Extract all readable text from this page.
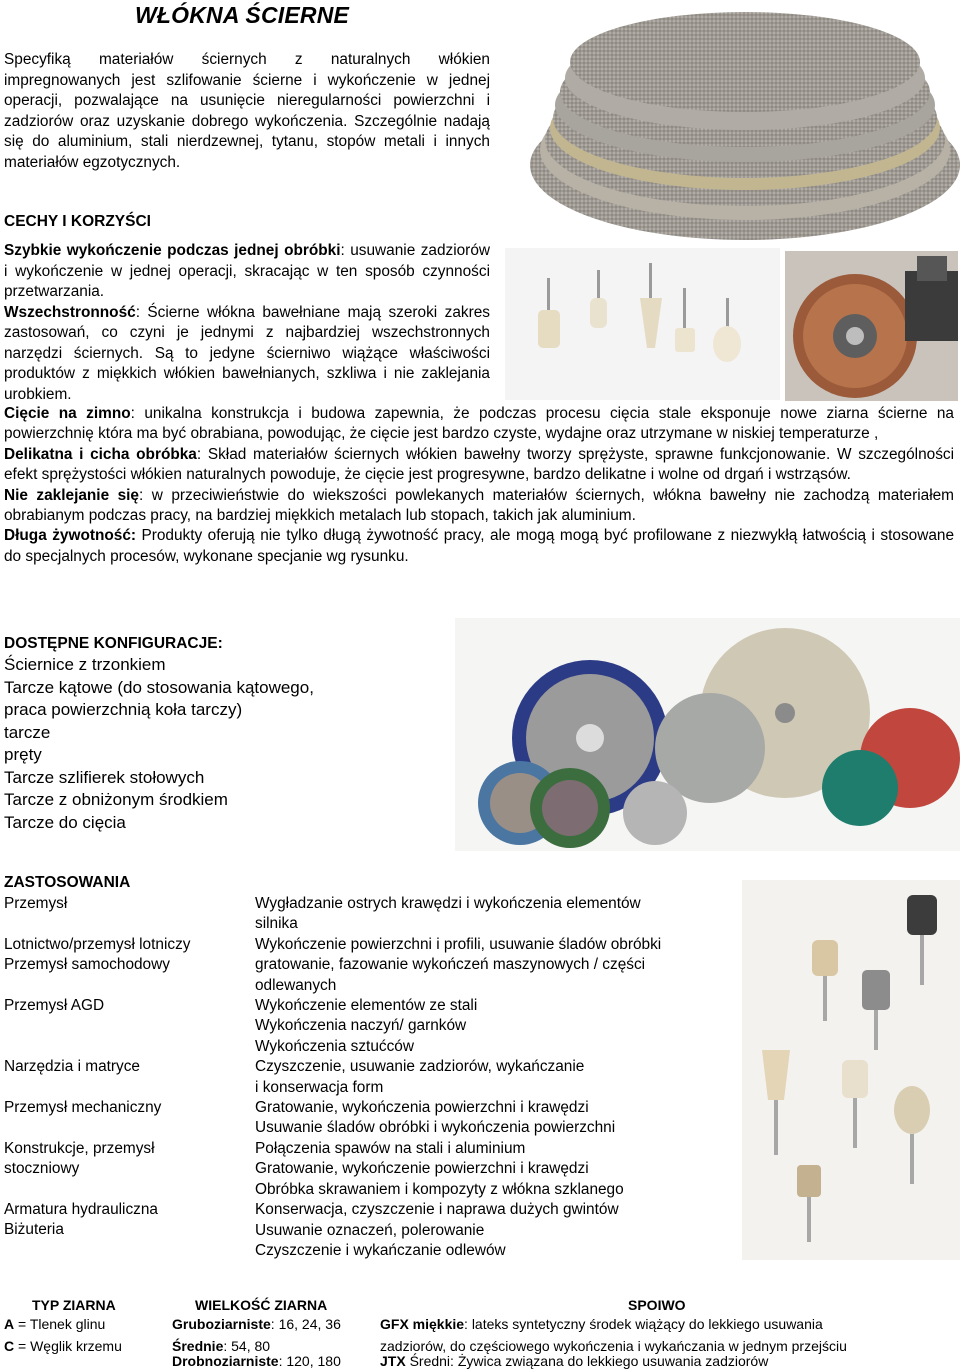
WŁÓKNA ŚCIERNE
Specyfiką materiałów ściernych z naturalnych włókien impregnowanych jest szlifowanie ścierne i wykończenie w jednej operacji, pozwalające na usunięcie nieregularności powierzchni i zadziorów oraz uzyskanie dobrego wykończenia. Szczególnie nadają się do aluminium, stali nierdzewnej, tytanu, stopów metali i innych materiałów egzotycznych.
CECHY I KORZYŚCI

Szybkie wykończenie podczas jednej obróbki: usuwanie zadziorów i wykończenie w jednej operacji, skracając w ten sposób czynności przetwarzania.

Wszechstronność: Ścierne włókna bawełniane mają szeroki zakres zastosowań, co czyni je jednymi z najbardziej wszechstronnych narzędzi ściernych. Są to jedyne ścierniwo wiążące właściwości produktów z miękkich włókien bawełnianych, szkliwa i nie zaklejania urobkiem.

Cięcie na zimno: unikalna konstrukcja i budowa zapewnia, że podczas procesu cięcia stale eksponuje nowe ziarna ścierne na powierzchnię która ma być obrabiana, powodując, że cięcie jest bardzo czyste, wydajne oraz utrzymane w niskiej temperaturze ,

Delikatna i cicha obróbka: Skład materiałów ściernych włókien bawełny tworzy sprężyste, sprawne funkcjonowanie. W szczególności efekt sprężystości włókien naturalnych powoduje, że cięcie jest progresywne, bardzo delikatne i wolne od drgań i wstrząsów.

Nie zaklejanie się: w przeciwieństwie do wiekszości powlekanych materiałów ściernych, włókna bawełny nie zachodzą materiałem obrabianym podczas pracy, na bardziej miękkich metalach lub stopach, takich jak aluminium.

Długa żywotność: Produkty oferują nie tylko długą żywotność pracy, ale mogą mogą być profilowane z niezwykłą łatwością i stosowane do specjalnych procesów, wykonane specjanie wg rysunku.

DOSTĘPNE KONFIGURACJE:
Ściernice z trzonkiem
Tarcze kątowe (do stosowania kątowego,
praca powierzchnią koła tarczy)
tarcze
pręty
Tarcze szlifierek stołowych
Tarcze z obniżonym środkiem
Tarcze do cięcia
ZASTOSOWANIA
Przemysł
Lotnictwo/przemysł lotniczy
Przemysł samochodowy
Przemysł AGD
Narzędzia i matryce
Przemysł mechaniczny
Konstrukcje, przemysł
stoczniowy
Armatura hydrauliczna
Biżuteria
Wygładzanie ostrych krawędzi i wykończenia elementów
silnika
Wykończenie powierzchni i profili, usuwanie śladów obróbki
gratowanie, fazowanie wykończeń maszynowych / części
odlewanych
Wykończenie elementów ze stali
Wykończenia naczyń/ garnków
Wykończenia sztućców
Czyszczenie, usuwanie zadziorów, wykańczanie
i konserwacja form
Gratowanie, wykończenia powierzchni i krawędzi
Usuwanie śladów obróbki i wykończenia powierzchni
Połączenia spawów na stali i aluminium
Gratowanie, wykończenie powierzchni i krawędzi
Obróbka skrawaniem i kompozyty z włókna szklanego
Konserwacja, czyszczenie i naprawa dużych gwintów
Usuwanie oznaczeń, polerowanie
Czyszczenie i wykańczanie odlewów
TYP ZIARNA	WIELKOŚĆ ZIARNA	SPOIWO
A = Tlenek glinu
C = Węglik krzemu
Gruboziarniste: 16, 24, 36
Średnie: 54, 80
Drobnoziarniste: 120, 180
GFX miękkie: lateks syntetyczny środek wiążący do lekkiego usuwania
zadziorów, do częściowego wykończenia i wykańczania w jednym przejściu
JTX Średni: Żywica związana do lekkiego usuwania zadziorów
